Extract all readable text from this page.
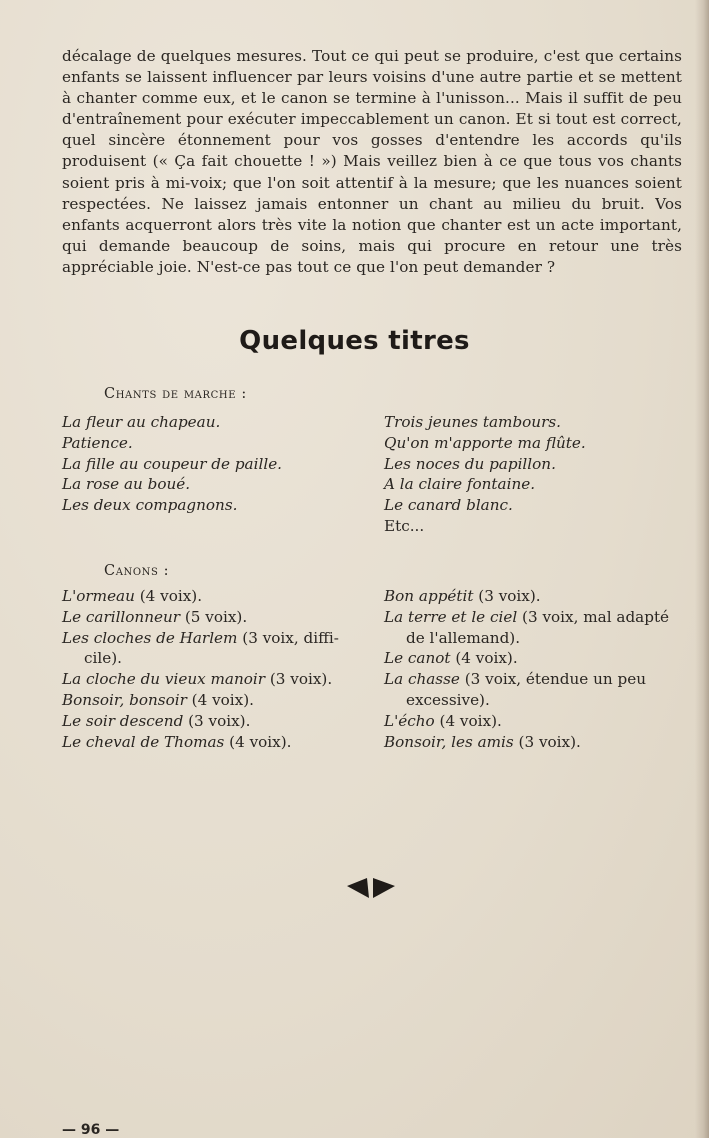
décalage de quelques mesures. Tout ce qui peut se produire, c'est que certains enfants se laissent influencer par leurs voisins d'une autre partie et se mettent à chanter comme eux, et le canon se termine à l'unisson... Mais il suffit de peu d'entraînement pour exécuter impeccablement un canon. Et si tout est correct, quel sincère étonnement pour vos gosses d'entendre les accords qu'ils produisent (« Ça fait chouette ! ») Mais veillez bien à ce que tous vos chants soient pris à mi-voix; que l'on soit attentif à la mesure; que les nuances soient respectées. Ne laissez jamais entonner un chant au milieu du bruit. Vos enfants acquerront alors très vite la notion que chanter est un acte important, qui demande beaucoup de soins, mais qui procure en retour une très appréciable joie. N'est-ce pas tout ce que l'on peut demander ?
Quelques titres
Chants de marche :
La fleur au chapeau.
Patience.
La fille au coupeur de paille.
La rose au boué.
Les deux compagnons.
Trois jeunes tambours.
Qu'on m'apporte ma flûte.
Les noces du papillon.
A la claire fontaine.
Le canard blanc.
Etc...
Canons :
L'ormeau (4 voix).
Le carillonneur (5 voix).
Les cloches de Harlem (3 voix, diffi-
cile).
La cloche du vieux manoir (3 voix).
Bonsoir, bonsoir (4 voix).
Le soir descend (3 voix).
Le cheval de Thomas (4 voix).
Bon appétit (3 voix).
La terre et le ciel (3 voix, mal adapté
de l'allemand).
Le canot (4 voix).
La chasse (3 voix, étendue un peu
excessive).
L'écho (4 voix).
Bonsoir, les amis (3 voix).
— 96 —
